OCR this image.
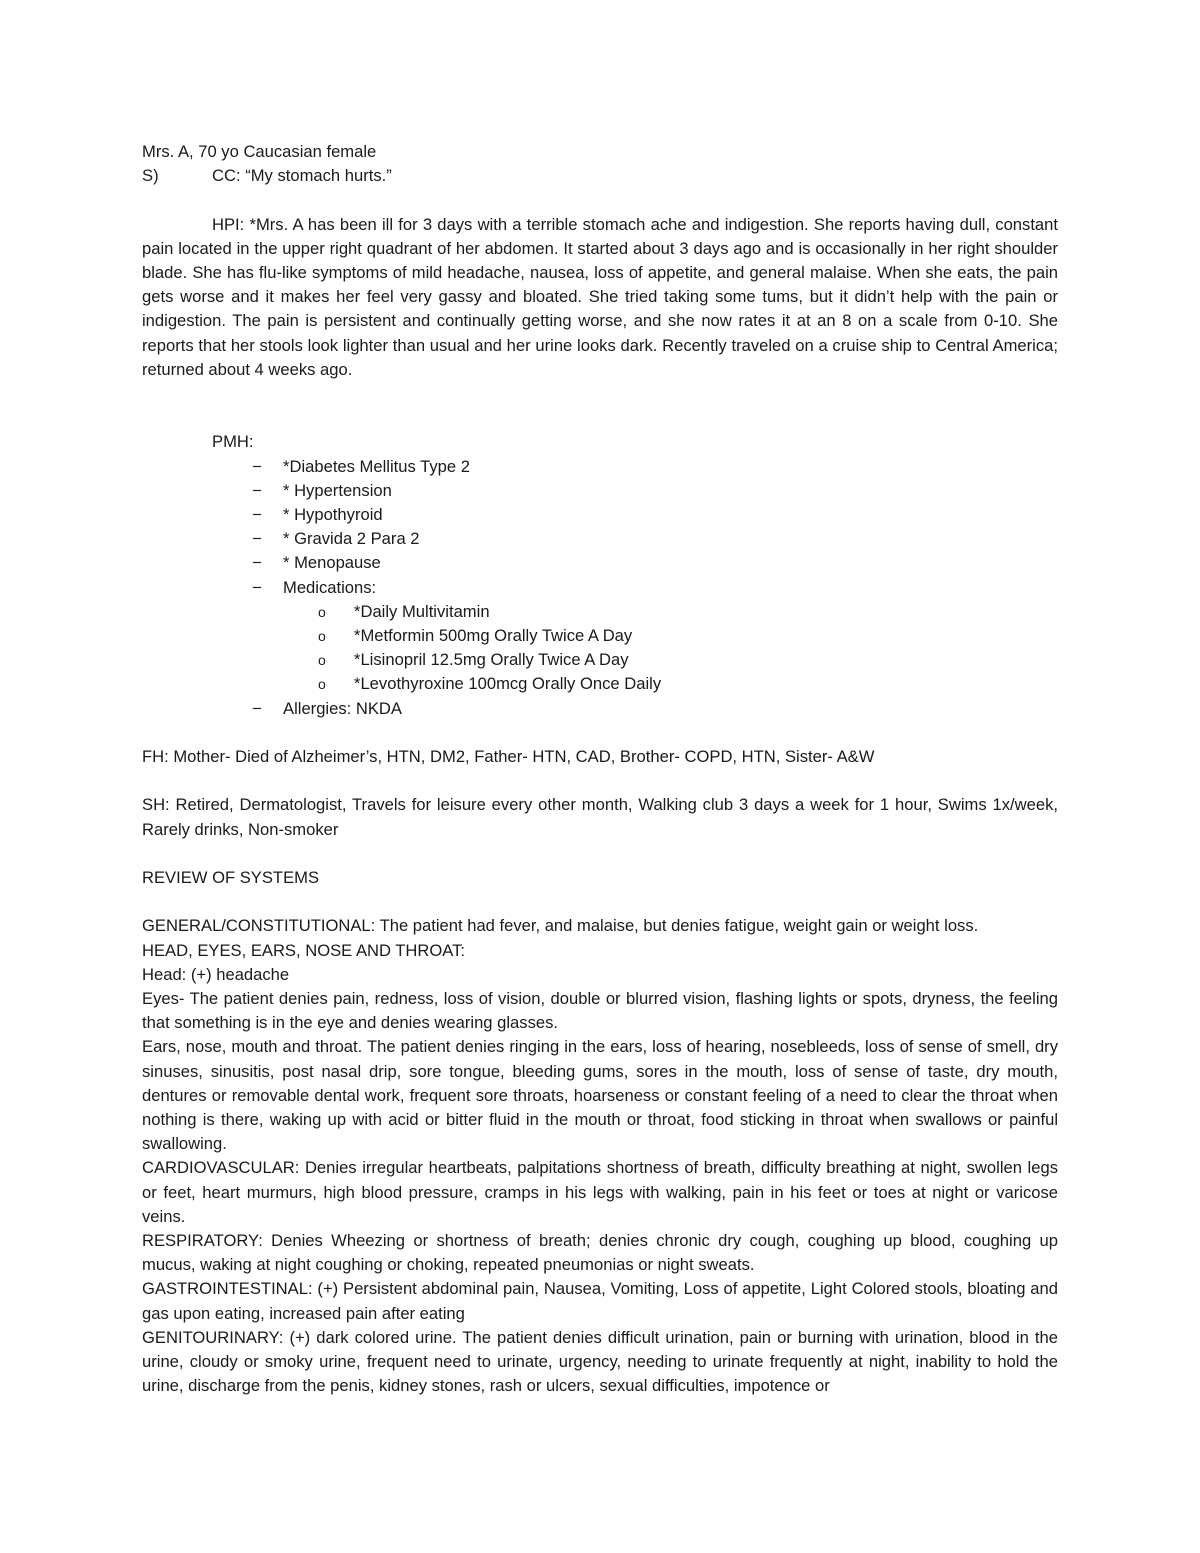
Mrs. A, 70 yo Caucasian female

S)	CC: “My stomach hurts.”

HPI: *Mrs. A has been ill for 3 days with a terrible stomach ache and indigestion. She reports having dull, constant pain located in the upper right quadrant of her abdomen. It started about 3 days ago and is occasionally in her right shoulder blade. She has flu-like symptoms of mild headache, nausea, loss of appetite, and general malaise. When she eats, the pain gets worse and it makes her feel very gassy and bloated. She tried taking some tums, but it didn’t help with the pain or indigestion. The pain is persistent and continually getting worse, and she now rates it at an 8 on a scale from 0-10. She reports that her stools look lighter than usual and her urine looks dark. Recently traveled on a cruise ship to Central America; returned about 4 weeks ago.

PMH:

− *Diabetes Mellitus Type 2
− * Hypertension
− * Hypothyroid
− * Gravida 2 Para 2
− * Menopause
− Medications:
o *Daily Multivitamin
o *Metformin 500mg Orally Twice A Day
o *Lisinopril 12.5mg Orally Twice A Day
o *Levothyroxine 100mcg Orally Once Daily
− Allergies: NKDA

FH: Mother- Died of Alzheimer’s, HTN, DM2, Father- HTN, CAD, Brother- COPD, HTN, Sister- A&W

SH: Retired, Dermatologist, Travels for leisure every other month, Walking club 3 days a week for 1 hour, Swims 1x/week, Rarely drinks, Non-smoker

REVIEW OF SYSTEMS

GENERAL/CONSTITUTIONAL: The patient had fever, and malaise, but denies fatigue, weight gain or weight loss.

HEAD, EYES, EARS, NOSE AND THROAT:

Head: (+) headache

Eyes- The patient denies pain, redness, loss of vision, double or blurred vision, flashing lights or spots, dryness, the feeling that something is in the eye and denies wearing glasses.

Ears, nose, mouth and throat. The patient denies ringing in the ears, loss of hearing, nosebleeds, loss of sense of smell, dry sinuses, sinusitis, post nasal drip, sore tongue, bleeding gums, sores in the mouth, loss of sense of taste, dry mouth, dentures or removable dental work, frequent sore throats, hoarseness or constant feeling of a need to clear the throat when nothing is there, waking up with acid or bitter fluid in the mouth or throat, food sticking in throat when swallows or painful swallowing.

CARDIOVASCULAR: Denies irregular heartbeats, palpitations shortness of breath, difficulty breathing at night, swollen legs or feet, heart murmurs, high blood pressure, cramps in his legs with walking, pain in his feet or toes at night or varicose veins.

RESPIRATORY: Denies Wheezing or shortness of breath; denies chronic dry cough, coughing up blood, coughing up mucus, waking at night coughing or choking, repeated pneumonias or night sweats.

GASTROINTESTINAL: (+) Persistent abdominal pain, Nausea, Vomiting, Loss of appetite, Light Colored stools, bloating and gas upon eating, increased pain after eating

GENITOURINARY: (+) dark colored urine. The patient denies difficult urination, pain or burning with urination, blood in the urine, cloudy or smoky urine, frequent need to urinate, urgency, needing to urinate frequently at night, inability to hold the urine, discharge from the penis, kidney stones, rash or ulcers, sexual difficulties, impotence or
